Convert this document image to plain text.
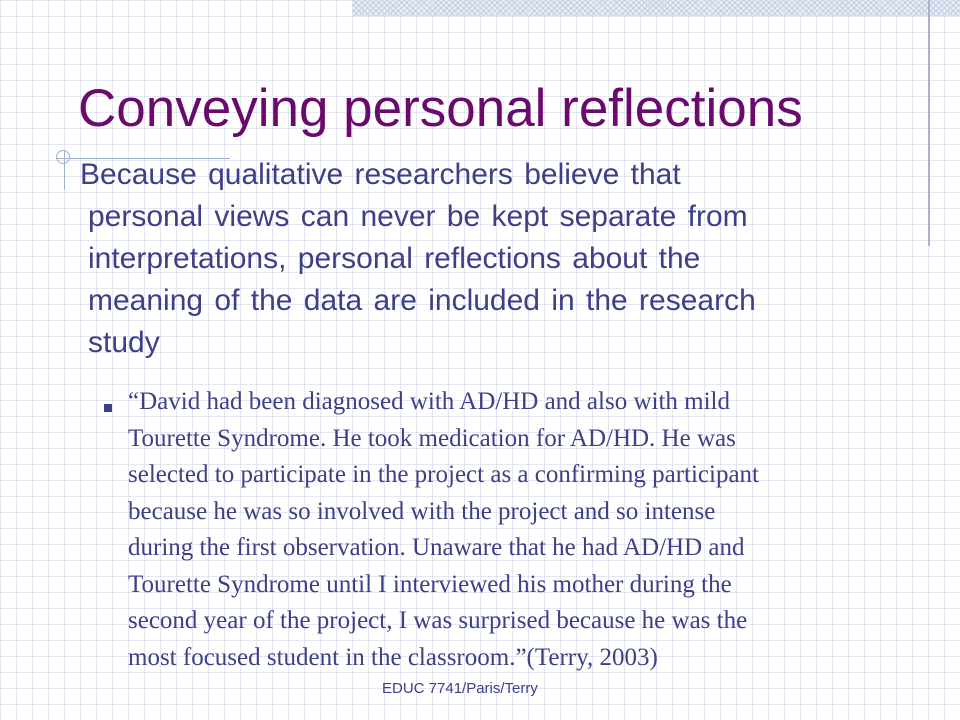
Conveying personal reflections
Because qualitative researchers believe that
personal views can never be kept separate from
interpretations, personal reflections about the
meaning of the data are included in the research
study
“David had been diagnosed with AD/HD and also with mild
Tourette Syndrome. He took medication for AD/HD. He was
selected to participate in the project as a confirming participant
because he was so involved with the project and so intense
during the first observation. Unaware that he had AD/HD and
Tourette Syndrome until I interviewed his mother during the
second year of the project, I was surprised because he was the
most focused student in the classroom.”(Terry, 2003)
EDUC 7741/Paris/Terry
